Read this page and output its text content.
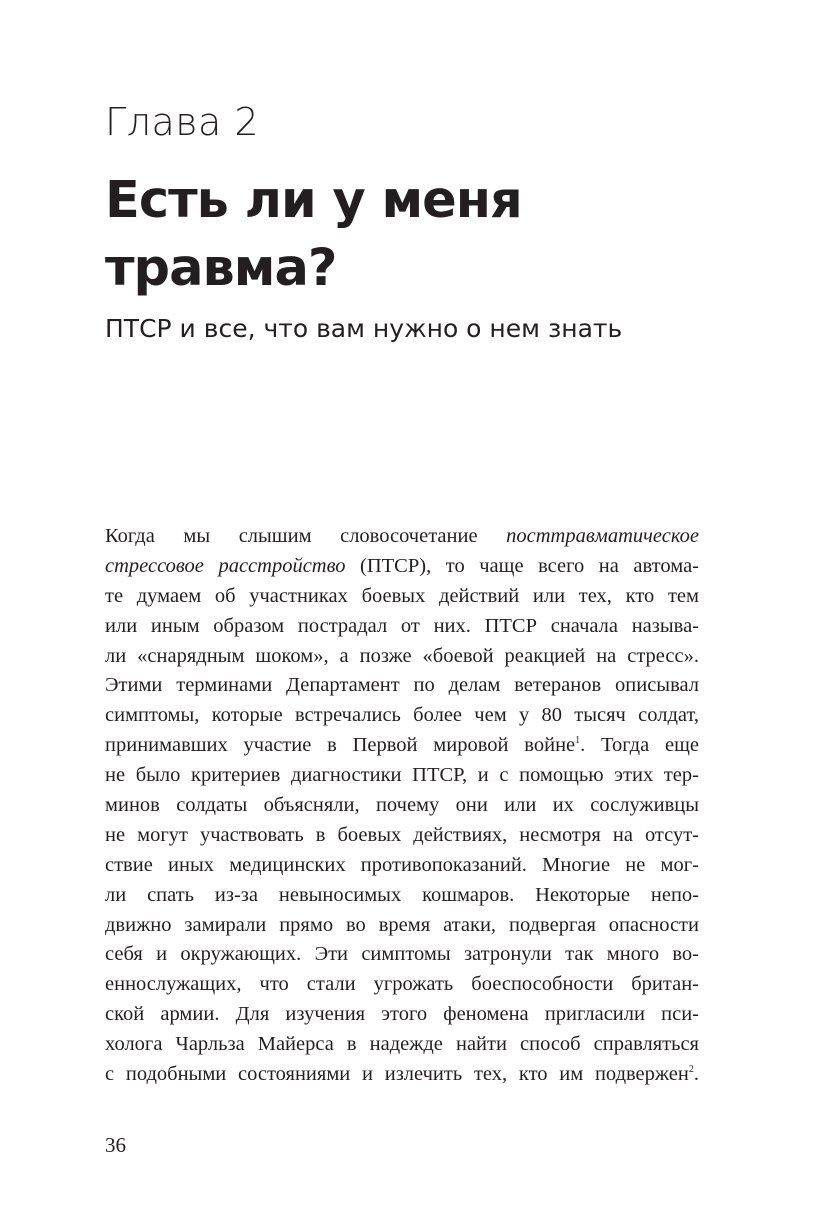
Глава 2
Есть ли у меня
травма?
ПТСР и все, что вам нужно о нем знать
Когда мы слышим словосочетание посттравматическое
стрессовое расстройство (ПТСР), то чаще всего на автома-
те думаем об участниках боевых действий или тех, кто тем
или иным образом пострадал от них. ПТСР сначала называ-
ли «снарядным шоком», а позже «боевой реакцией на стресс».
Этими терминами Департамент по делам ветеранов описывал
симптомы, которые встречались более чем у 80 тысяч солдат,
принимавших участие в Первой мировой войне$^1$. Тогда еще
не было критериев диагностики ПТСР, и с помощью этих тер-
минов солдаты объясняли, почему они или их сослуживцы
не могут участвовать в боевых действиях, несмотря на отсут-
ствие иных медицинских противопоказаний. Многие не мог-
ли спать из-за невыносимых кошмаров. Некоторые непо-
движно замирали прямо во время атаки, подвергая опасности
себя и окружающих. Эти симптомы затронули так много во-
еннослужащих, что стали угрожать боеспособности британ-
ской армии. Для изучения этого феномена пригласили пси-
холога Чарльза Майерса в надежде найти способ справляться
с подобными состояниями и излечить тех, кто им подвержен$^2$.

36
